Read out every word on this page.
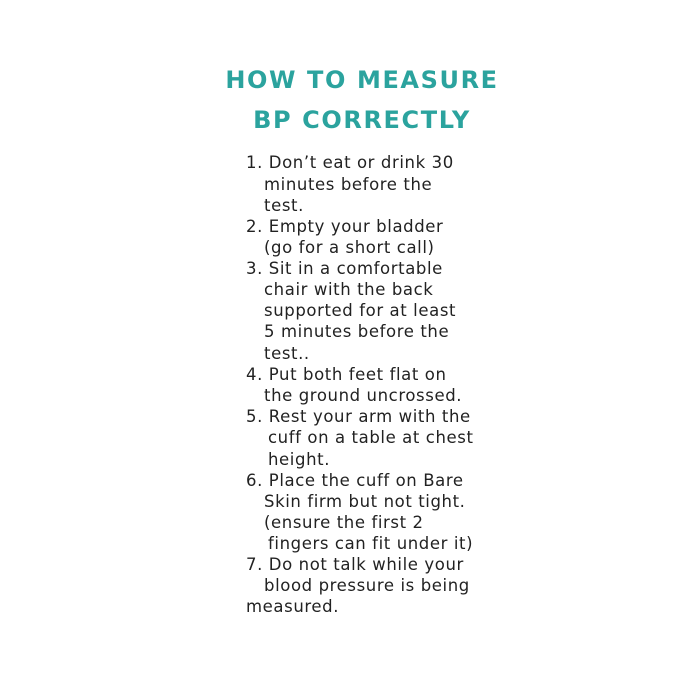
HOW TO MEASURE
BP CORRECTLY

1. Don’t eat or drink 30

minutes before the

test.

2. Empty your bladder

(go for a short call)

3. Sit in a comfortable

chair with the back

supported for at least

5 minutes before the

test..

4. Put both feet flat on

the ground uncrossed.

5. Rest your arm with the

cuff on a table at chest

height.

6. Place the cuff on Bare

Skin firm but not tight.

(ensure the first 2

fingers can fit under it)

7. Do not talk while your

blood pressure is being

measured.
